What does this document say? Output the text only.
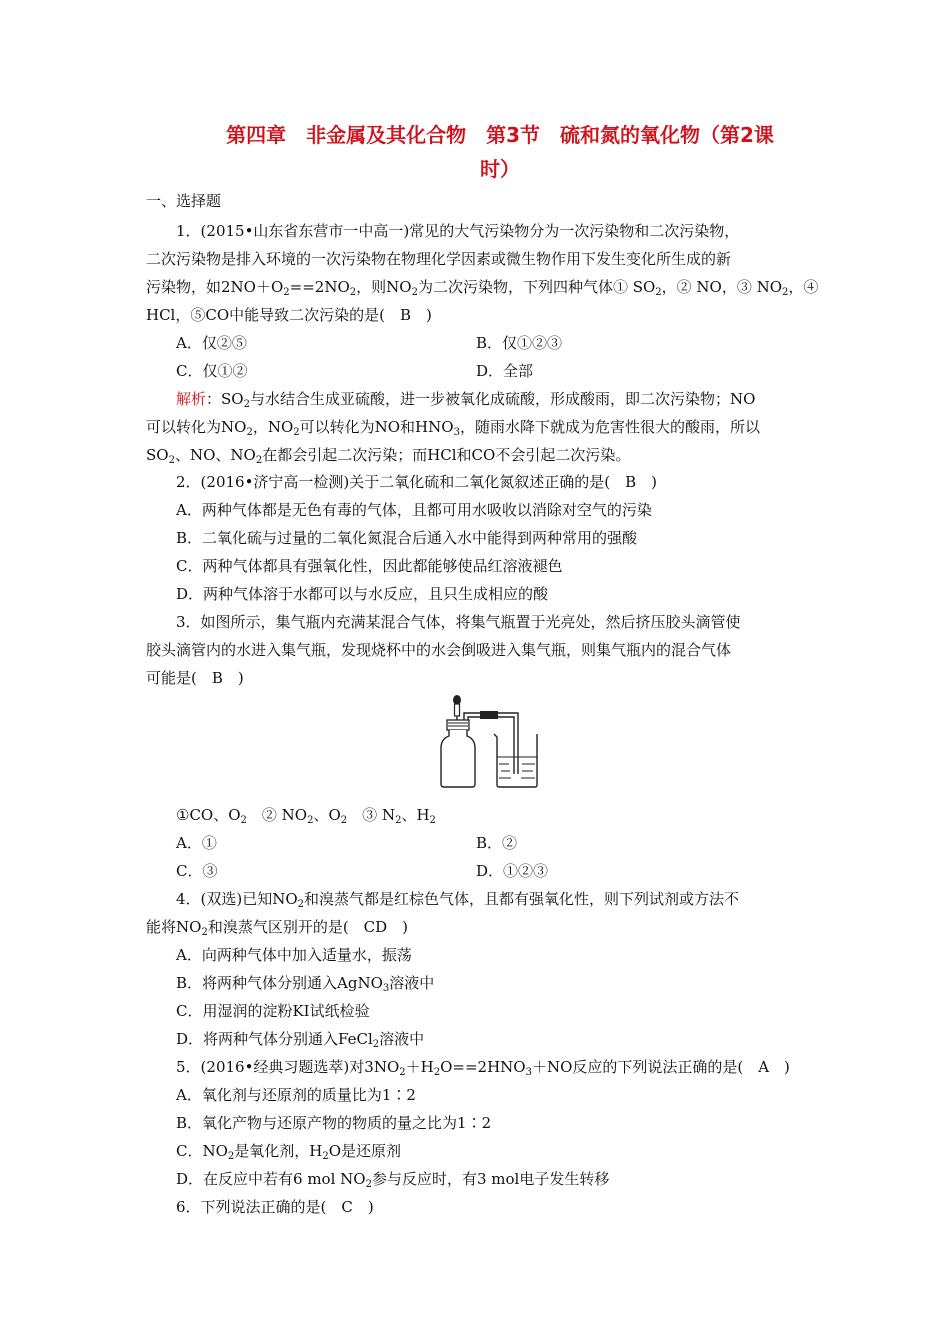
第四章　非金属及其化合物　第3节　硫和氮的氧化物（第2课
时）
一、选择题
1．(2015•山东省东营市一中高一)常见的大气污染物分为一次污染物和二次污染物，
二次污染物是排入环境的一次污染物在物理化学因素或微生物作用下发生变化所生成的新
污染物，如$2NO+O_2==2NO_2$，则$NO_2$为二次污染物，下列四种气体① $SO_2$，② NO，③ $NO_2$，④
HCl，⑤CO中能导致二次污染的是(　B　)
A．仅②⑤	B．仅①②③
C．仅①②	D．全部
解析：$SO_2$与水结合生成亚硫酸，进一步被氧化成硫酸，形成酸雨，即二次污染物；NO
可以转化为$NO_2$，$NO_2$可以转化为NO和$HNO_3$，随雨水降下就成为危害性很大的酸雨，所以
$SO_2$、NO、$NO_2$在都会引起二次污染；而HCl和CO不会引起二次污染。
2．(2016•济宁高一检测)关于二氧化硫和二氧化氮叙述正确的是(　B　)
A．两种气体都是无色有毒的气体，且都可用水吸收以消除对空气的污染
B．二氧化硫与过量的二氧化氮混合后通入水中能得到两种常用的强酸
C．两种气体都具有强氧化性，因此都能够使品红溶液褪色
D．两种气体溶于水都可以与水反应，且只生成相应的酸
3．如图所示，集气瓶内充满某混合气体，将集气瓶置于光亮处，然后挤压胶头滴管使
胶头滴管内的水进入集气瓶，发现烧杯中的水会倒吸进入集气瓶，则集气瓶内的混合气体
可能是(　B　)
①CO、$O_2$　② $NO_2$、$O_2$　③ $N_2$、$H_2$
A．①	B．②
C．③	D．①②③
4．(双选)已知$NO_2$和溴蒸气都是红棕色气体，且都有强氧化性，则下列试剂或方法不
能将$NO_2$和溴蒸气区别开的是(　CD　)
A．向两种气体中加入适量水，振荡
B．将两种气体分别通入AgNO$_3$溶液中
C．用湿润的淀粉KI试纸检验
D．将两种气体分别通入FeCl$_2$溶液中
5．(2016•经典习题选萃)对$3NO_2+H_2O==2HNO_3+NO$反应的下列说法正确的是(　A　)
A．氧化剂与还原剂的质量比为1∶2
B．氧化产物与还原产物的物质的量之比为1∶2
C．$NO_2$是氧化剂，$H_2O$是还原剂
D．在反应中若有6 mol $NO_2$参与反应时，有3 mol电子发生转移
6．下列说法正确的是(　C　)
